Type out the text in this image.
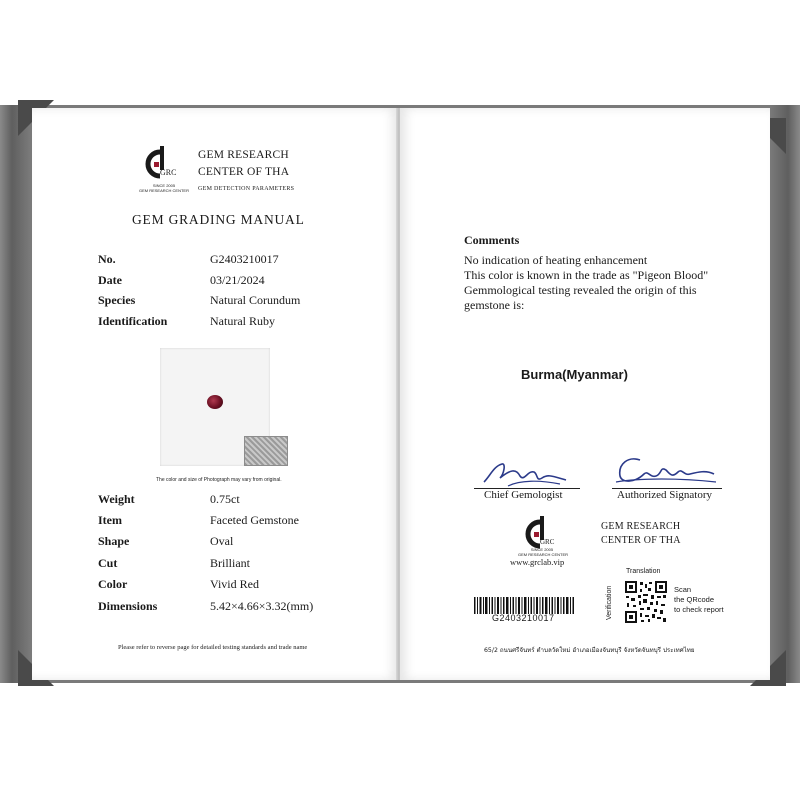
GRC
SINCE 2005
GEM RESEARCH CENTER
GEM RESEARCH
CENTER OF THA
GEM DETECTION PARAMETERS
GEM GRADING MANUAL
No.	G2403210017
Date	03/21/2024
Species	Natural Corundum
Identification	Natural Ruby
The color and size of Photograph may vary from original.
Weight	0.75ct
Item	Faceted Gemstone
Shape	Oval
Cut	Brilliant
Color	Vivid Red
Dimensions	5.42×4.66×3.32(mm)
Please refer to reverse page for detailed testing standards and trade name
Comments
No indication of heating enhancement
This color is known in the trade as "Pigeon Blood"
Gemmological testing revealed the origin of this
gemstone is:
Burma(Myanmar)
Chief Gemologist	Authorized Signatory
GRC
SINCE 2005
GEM RESEARCH CENTER
GEM RESEARCH
CENTER OF THA
www.grclab.vip
G2403210017
Translation
Verification	Scan
the QRcode
to check report
65/2 ถนนศรีจันทร์ ตำบลวัดใหม่ อำเภอเมืองจันทบุรี จังหวัดจันทบุรี ประเทศไทย
